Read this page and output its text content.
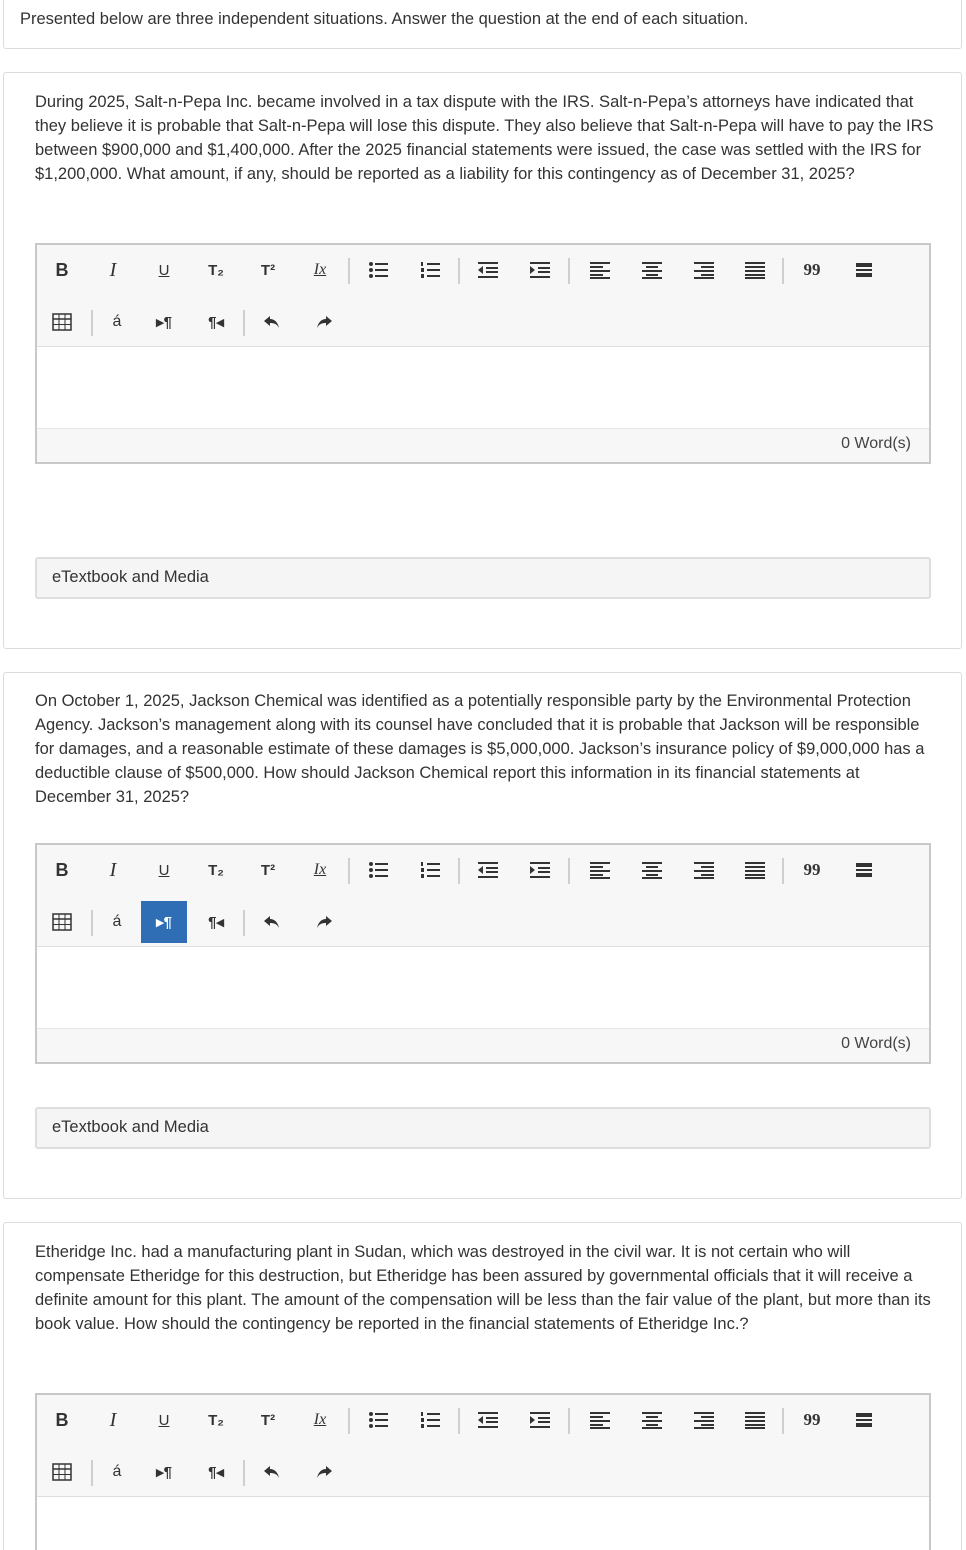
Presented below are three independent situations. Answer the question at the end of each situation.
During 2025, Salt-n-Pepa Inc. became involved in a tax dispute with the IRS. Salt-n-Pepa’s attorneys have indicated that they believe it is probable that Salt-n-Pepa will lose this dispute. They also believe that Salt-n-Pepa will have to pay the IRS between $900,000 and $1,400,000. After the 2025 financial statements were issued, the case was settled with the IRS for $1,200,000. What amount, if any, should be reported as a liability for this contingency as of December 31, 2025?
B I	U	T₂ T² Ix	99
á ▸¶ ¶◂
0 Word(s)
eTextbook and Media
On October 1, 2025, Jackson Chemical was identified as a potentially responsible party by the Environmental Protection Agency. Jackson’s management along with its counsel have concluded that it is probable that Jackson will be responsible for damages, and a reasonable estimate of these damages is $5,000,000. Jackson’s insurance policy of $9,000,000 has a deductible clause of $500,000. How should Jackson Chemical report this information in its financial statements at December 31, 2025?
B I	U	T₂ T² Ix	99
á ▸¶ ¶◂
0 Word(s)
eTextbook and Media
Etheridge Inc. had a manufacturing plant in Sudan, which was destroyed in the civil war. It is not certain who will compensate Etheridge for this destruction, but Etheridge has been assured by governmental officials that it will receive a definite amount for this plant. The amount of the compensation will be less than the fair value of the plant, but more than its book value. How should the contingency be reported in the financial statements of Etheridge Inc.?
B I	U	T₂ T² Ix	99
á ▸¶ ¶◂
